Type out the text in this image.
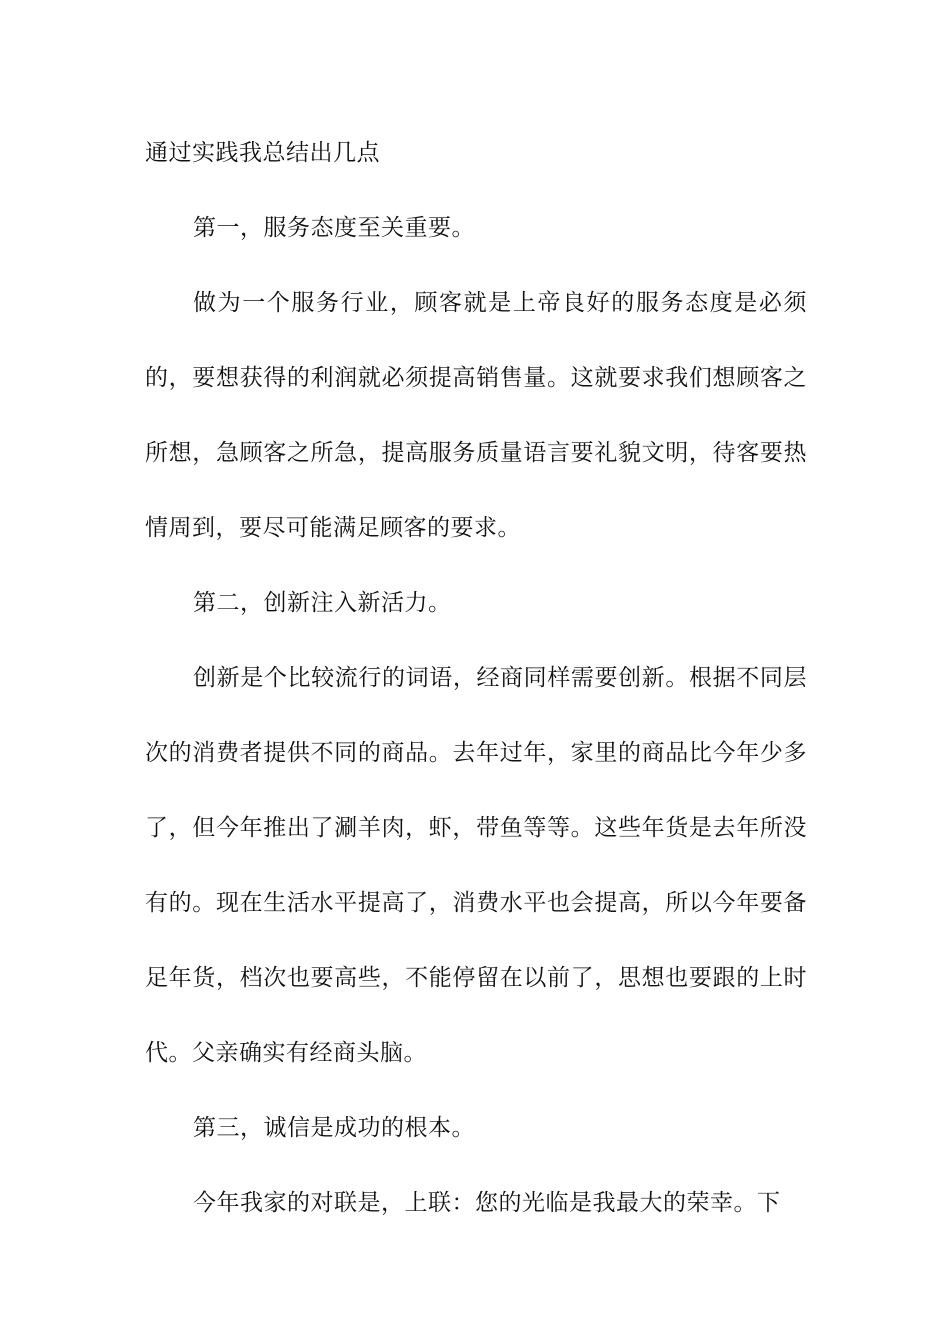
通过实践我总结出几点

第一，服务态度至关重要。

做为一个服务行业，顾客就是上帝良好的服务态度是必须的，要想获得的利润就必须提高销售量。这就要求我们想顾客之所想，急顾客之所急，提高服务质量语言要礼貌文明，待客要热情周到，要尽可能满足顾客的要求。

第二，创新注入新活力。

创新是个比较流行的词语，经商同样需要创新。根据不同层次的消费者提供不同的商品。去年过年，家里的商品比今年少多了，但今年推出了涮羊肉，虾，带鱼等等。这些年货是去年所没有的。现在生活水平提高了，消费水平也会提高，所以今年要备足年货，档次也要高些，不能停留在以前了，思想也要跟的上时代。父亲确实有经商头脑。

第三，诚信是成功的根本。

今年我家的对联是，上联：您的光临是我最大的荣幸。下
